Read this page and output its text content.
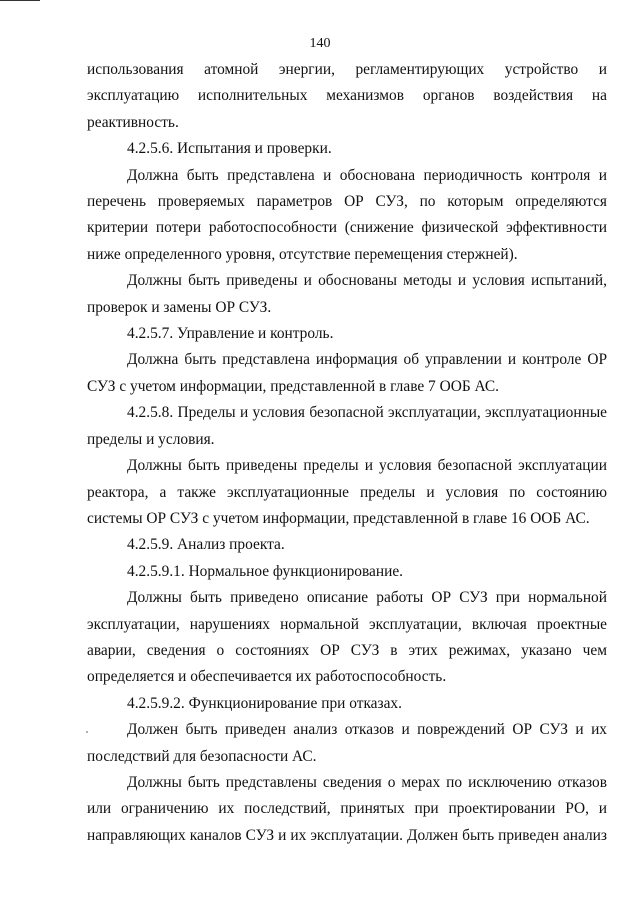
140

использования атомной энергии, регламентирующих устройство и эксплуатацию исполнительных механизмов органов воздействия на реактивность.

4.2.5.6. Испытания и проверки.

Должна быть представлена и обоснована периодичность контроля и перечень проверяемых параметров ОР СУЗ, по которым определяются критерии потери работоспособности (снижение физической эффективности ниже определенного уровня, отсутствие перемещения стержней).

Должны быть приведены и обоснованы методы и условия испытаний, проверок и замены ОР СУЗ.

4.2.5.7. Управление и контроль.

Должна быть представлена информация об управлении и контроле ОР СУЗ с учетом информации, представленной в главе 7 ООБ АС.

4.2.5.8. Пределы и условия безопасной эксплуатации, эксплуатационные пределы и условия.

Должны быть приведены пределы и условия безопасной эксплуатации реактора, а также эксплуатационные пределы и условия по состоянию системы ОР СУЗ с учетом информации, представленной в главе 16 ООБ АС.

4.2.5.9. Анализ проекта.

4.2.5.9.1. Нормальное функционирование.

Должны быть приведено описание работы ОР СУЗ при нормальной эксплуатации, нарушениях нормальной эксплуатации, включая проектные аварии, сведения о состояниях ОР СУЗ в этих режимах, указано чем определяется и обеспечивается их работоспособность.

4.2.5.9.2. Функционирование при отказах.

Должен быть приведен анализ отказов и повреждений ОР СУЗ и их последствий для безопасности АС.

Должны быть представлены сведения о мерах по исключению отказов или ограничению их последствий, принятых при проектировании РО, и направляющих каналов СУЗ и их эксплуатации. Должен быть приведен анализ
